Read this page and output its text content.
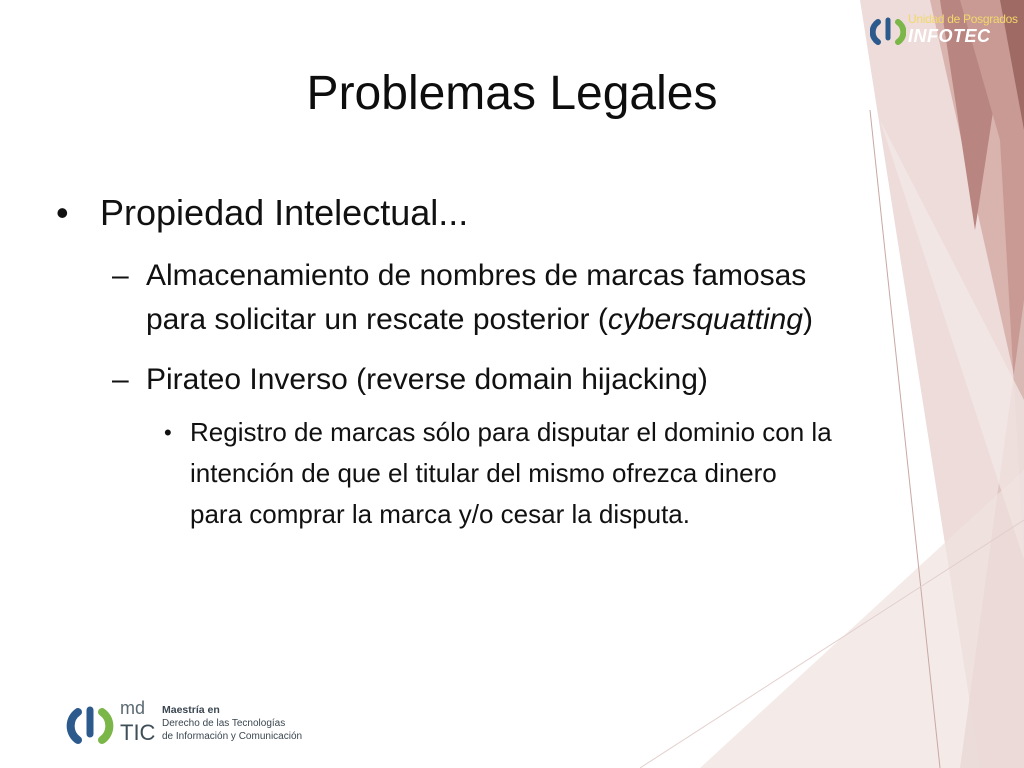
Unidad de Posgrados
INFOTEC
Problemas Legales
• Propiedad Intelectual...
– Almacenamiento de nombres de marcas famosas
para solicitar un rescate posterior (cybersquatting)
– Pirateo Inverso (reverse domain hijacking)
• Registro de marcas sólo para disputar el dominio con la
intención de que el titular del mismo ofrezca dinero
para comprar la marca y/o cesar la disputa.
md
TIC
Maestría en
Derecho de las Tecnologías
de Información y Comunicación
